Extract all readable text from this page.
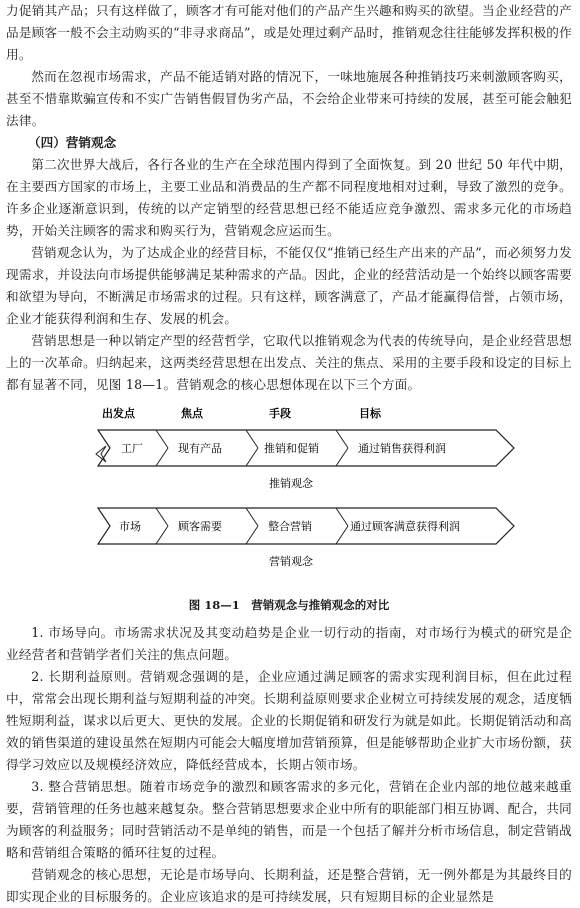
力促销其产品；只有这样做了，顾客才有可能对他们的产品产生兴趣和购买的欲望。当企业经营的产品是顾客一般不会主动购买的“非寻求商品”，或是处理过剩产品时，推销观念往往能够发挥积极的作用。

然而在忽视市场需求，产品不能适销对路的情况下，一味地施展各种推销技巧来刺激顾客购买，甚至不惜靠欺骗宣传和不实广告销售假冒伪劣产品，不会给企业带来可持续的发展，甚至可能会触犯法律。

（四）营销观念

第二次世界大战后，各行各业的生产在全球范围内得到了全面恢复。到 20 世纪 50 年代中期，在主要西方国家的市场上，主要工业品和消费品的生产都不同程度地相对过剩，导致了激烈的竞争。许多企业逐渐意识到，传统的以产定销型的经营思想已经不能适应竞争激烈、需求多元化的市场趋势，开始关注顾客的需求和购买行为，营销观念应运而生。

营销观念认为，为了达成企业的经营目标，不能仅仅“推销已经生产出来的产品”，而必须努力发现需求，并设法向市场提供能够满足某种需求的产品。因此，企业的经营活动是一个始终以顾客需要和欲望为导向，不断满足市场需求的过程。只有这样，顾客满意了，产品才能赢得信誉，占领市场，企业才能获得利润和生存、发展的机会。

营销思想是一种以销定产型的经营哲学，它取代以推销观念为代表的传统导向，是企业经营思想上的一次革命。归纳起来，这两类经营思想在出发点、关注的焦点、采用的主要手段和设定的目标上都有显著不同，见图 18—1。营销观念的核心思想体现在以下三个方面。

出发点	焦点	手段	目标
工厂	现有产品	推销和促销	通过销售获得利润
推销观念
市场	顾客需要	整合营销	通过顾客满意获得利润
营销观念

图 18—1　营销观念与推销观念的对比

1. 市场导向。市场需求状况及其变动趋势是企业一切行动的指南，对市场行为模式的研究是企业经营者和营销学者们关注的焦点问题。

2. 长期利益原则。营销观念强调的是，企业应通过满足顾客的需求实现利润目标，但在此过程中，常常会出现长期利益与短期利益的冲突。长期利益原则要求企业树立可持续发展的观念，适度牺牲短期利益，谋求以后更大、更快的发展。企业的长期促销和研发行为就是如此。长期促销活动和高效的销售渠道的建设虽然在短期内可能会大幅度增加营销预算，但是能够帮助企业扩大市场份额，获得学习效应以及规模经济效应，降低经营成本，长期占领市场。

3. 整合营销思想。随着市场竞争的激烈和顾客需求的多元化，营销在企业内部的地位越来越重要，营销管理的任务也越来越复杂。整合营销思想要求企业中所有的职能部门相互协调、配合，共同为顾客的利益服务；同时营销活动不是单纯的销售，而是一个包括了解并分析市场信息，制定营销战略和营销组合策略的循环往复的过程。

营销观念的核心思想，无论是市场导向、长期利益，还是整合营销，无一例外都是为其最终目的即实现企业的目标服务的。企业应该追求的是可持续发展，只有短期目标的企业显然是
